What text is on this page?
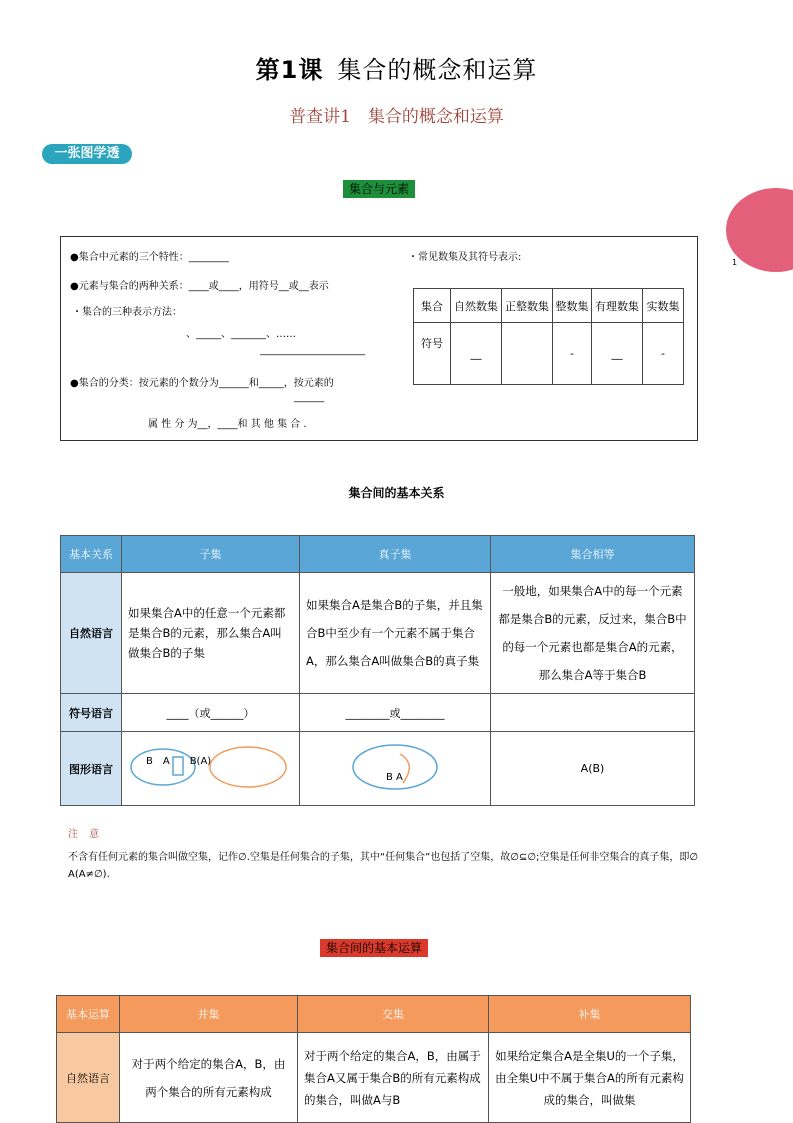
第1课 集合的概念和运算
普查讲1　集合的概念和运算
一张图学透
1
集合与元素
●集合中元素的三个特性：________
●元素与集合的两种关系：____或____，用符号__或__表示
・集合的三种表示方法：
、_____、_______、……
_____________________
●集合的分类：按元素的个数分为______和_____，按元素的
______
属 性 分 为__，____和 其 他 集 合 .
・常见数集及其符号表示:
集合	自然数集	正整数集	整数集	有理数集	实数集
符号	__		-	__	-
集合间的基本关系
基本关系	子集	真子集	集合相等
自然语言	如果集合A中的任意一个元素都是集合B的元素，那么集合A叫做集合B的子集	如果集合A是集合B的子集，并且集合B中至少有一个元素不属于集合A，那么集合A叫做集合B的真子集	一般地，如果集合A中的每一个元素都是集合B的元素，反过来，集合B中的每一个元素也都是集合A的元素，那么集合A等于集合B
符号语言	____（或______）	________或________	
图形语言	B　A　　B(A)	B A	A(B)
注 意
不含有任何元素的集合叫做空集，记作∅.空集是任何集合的子集，其中“任何集合”也包括了空集，故∅⊆∅;空集是任何非空集合的真子集，即∅　A(A≠∅).
集合间的基本运算
基本运算	并集	交集	补集
自然语言	对于两个给定的集合A，B，由两个集合的所有元素构成	对于两个给定的集合A，B，由属于集合A又属于集合B的所有元素构成的集合，叫做A与B	如果给定集合A是全集U的一个子集，由全集U中不属于集合A的所有元素构成的集合，叫做集
